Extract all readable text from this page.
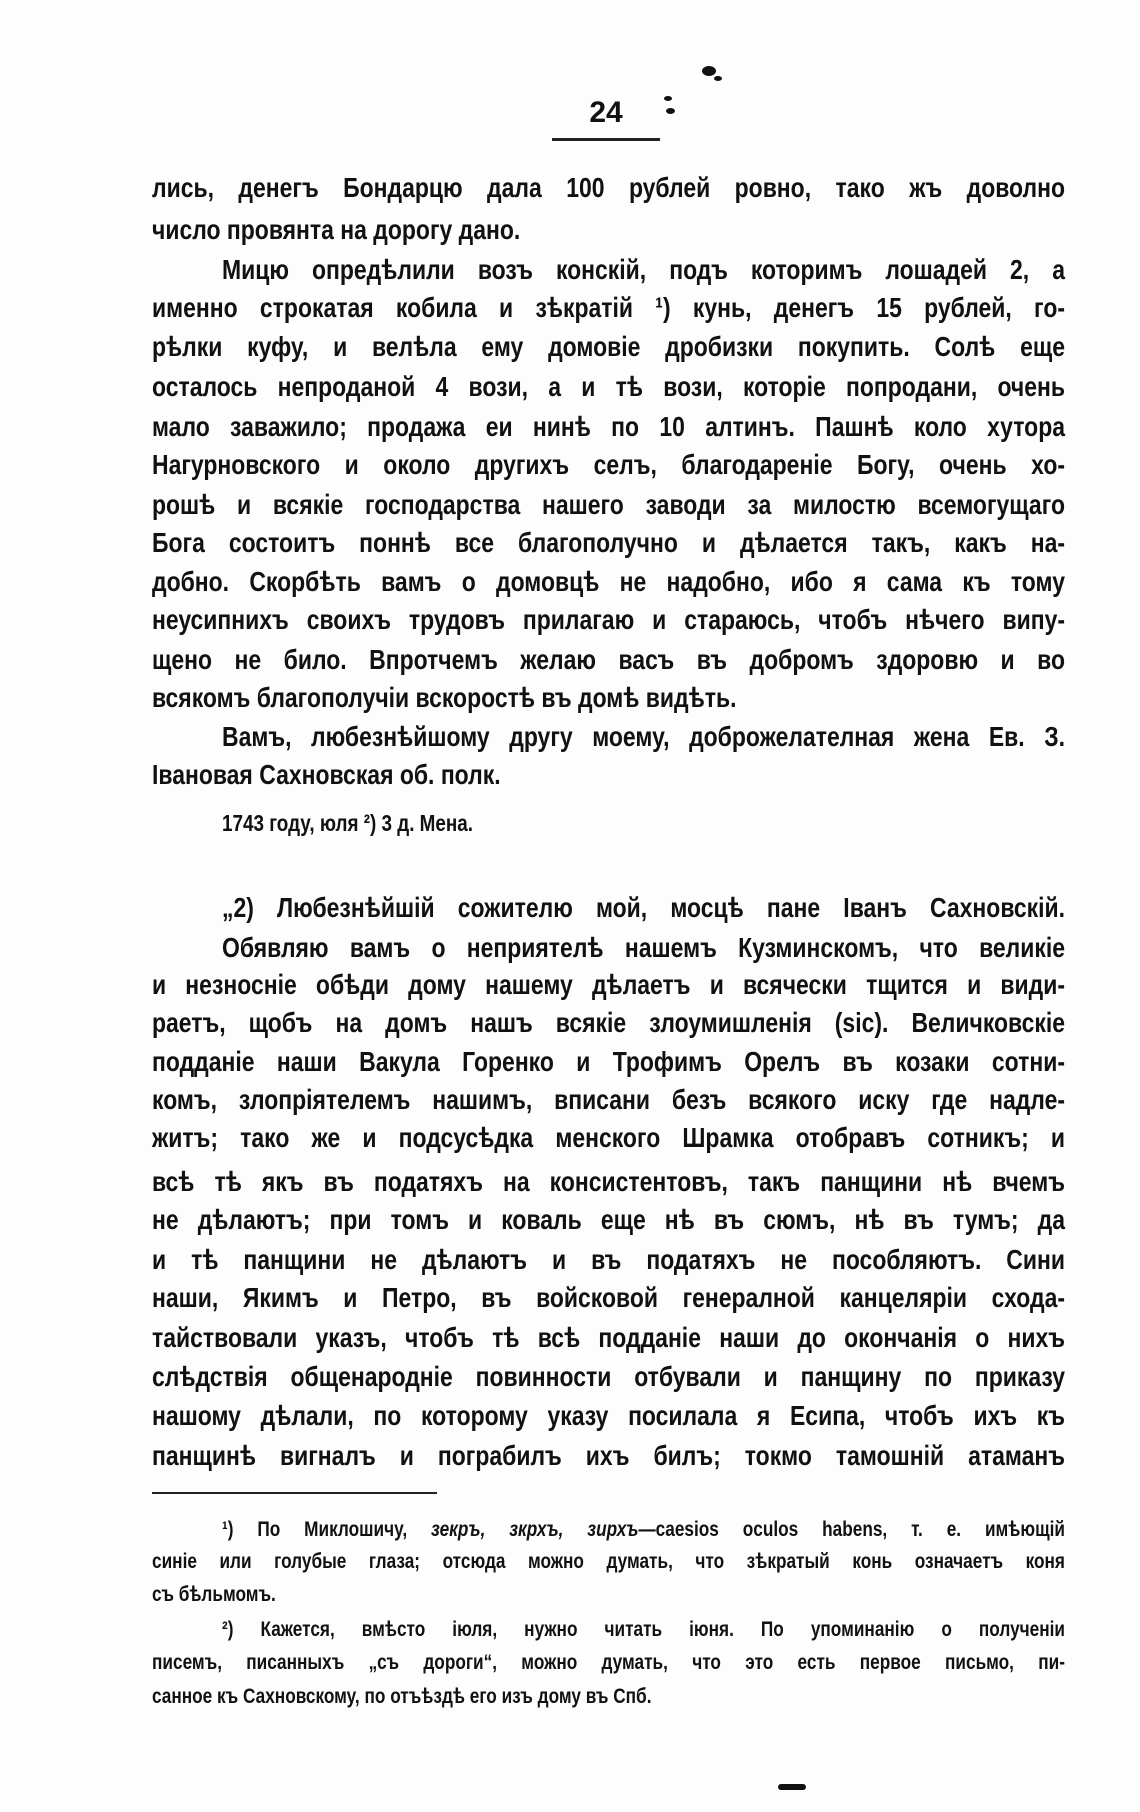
24
лись, денегъ Бондарцю дала 100 рублей ровно, тако жъ доволно
число провянта на дорогу дано.
Мицю опредѣлили возъ конскій, подъ которимъ лошадей 2, а
именно строкатая кобила и зѣкратій ¹) кунь, денегъ 15 рублей, го-
рѣлки куфу, и велѣла ему домовіе дробизки покупить. Солѣ еще
осталось непроданой 4 вози, а и тѣ вози, которіе попродани, очень
мало заважило; продажа еи нинѣ по 10 алтинъ. Пашнѣ коло хутора
Нагурновского и около другихъ селъ, благодареніе Богу, очень хо-
рошѣ и всякіе господарства нашего заводи за милостю всемогущаго
Бога состоитъ поннѣ все благополучно и дѣлается такъ, какъ на-
добно. Скорбѣть вамъ о домовцѣ не надобно, ибо я сама къ тому
неусипнихъ своихъ трудовъ прилагаю и стараюсь, чтобъ нѣчего випу-
щено не било. Впротчемъ желаю васъ въ добромъ здоровю и во
всякомъ благополучіи вскоростѣ въ домѣ видѣть.
Вамъ, любезнѣйшому другу моему, доброжелателная жена Ев. З.
Івановая Сахновская об. полк.
1743 году, юля ²) 3 д. Мена.
„2) Любезнѣйшій сожителю мой, мосцѣ пане Іванъ Сахновскій.
Обявляю вамъ о неприятелѣ нашемъ Кузминскомъ, что великіе
и незносніе обѣди дому нашему дѣлаетъ и всячески тщится и види-
раетъ, щобъ на домъ нашъ всякіе злоумишленія (sic). Величковскіе
подданіе наши Вакула Горенко и Трофимъ Орелъ въ козаки сотни-
комъ, злопріятелемъ нашимъ, вписани безъ всякого иску где надле-
житъ; тако же и подсусѣдка менского Шрамка отобравъ сотникъ; и
всѣ тѣ якъ въ податяхъ на консистентовъ, такъ панщини нѣ вчемъ
не дѣлаютъ; при томъ и коваль еще нѣ въ сюмъ, нѣ въ тумъ; да
и тѣ панщини не дѣлаютъ и въ податяхъ не пособляютъ. Сини
наши, Якимъ и Петро, въ войсковой генералной канцеляріи схода-
тайствовали указъ, чтобъ тѣ всѣ подданіе наши до окончанія о нихъ
слѣдствія общенародніе повинности отбували и панщину по приказу
нашому дѣлали, по которому указу посилала я Есипа, чтобъ ихъ къ
панщинѣ вигналъ и пограбилъ ихъ билъ; токмо тамошній атаманъ
¹) По Миклошичу, зекръ, зкрхъ, зирхъ—caesios oculos habens, т. е. имѣющій
синіе или голубые глаза; отсюда можно думать, что зѣкратый конь означаетъ коня
съ бѣльмомъ.
²) Кажется, вмѣсто іюля, нужно читать іюня. По упоминанію о полученіи
писемъ, писанныхъ „съ дороги“, можно думать, что это есть первое письмо, пи-
санное къ Сахновскому, по отъѣздѣ его изъ дому въ Спб.
